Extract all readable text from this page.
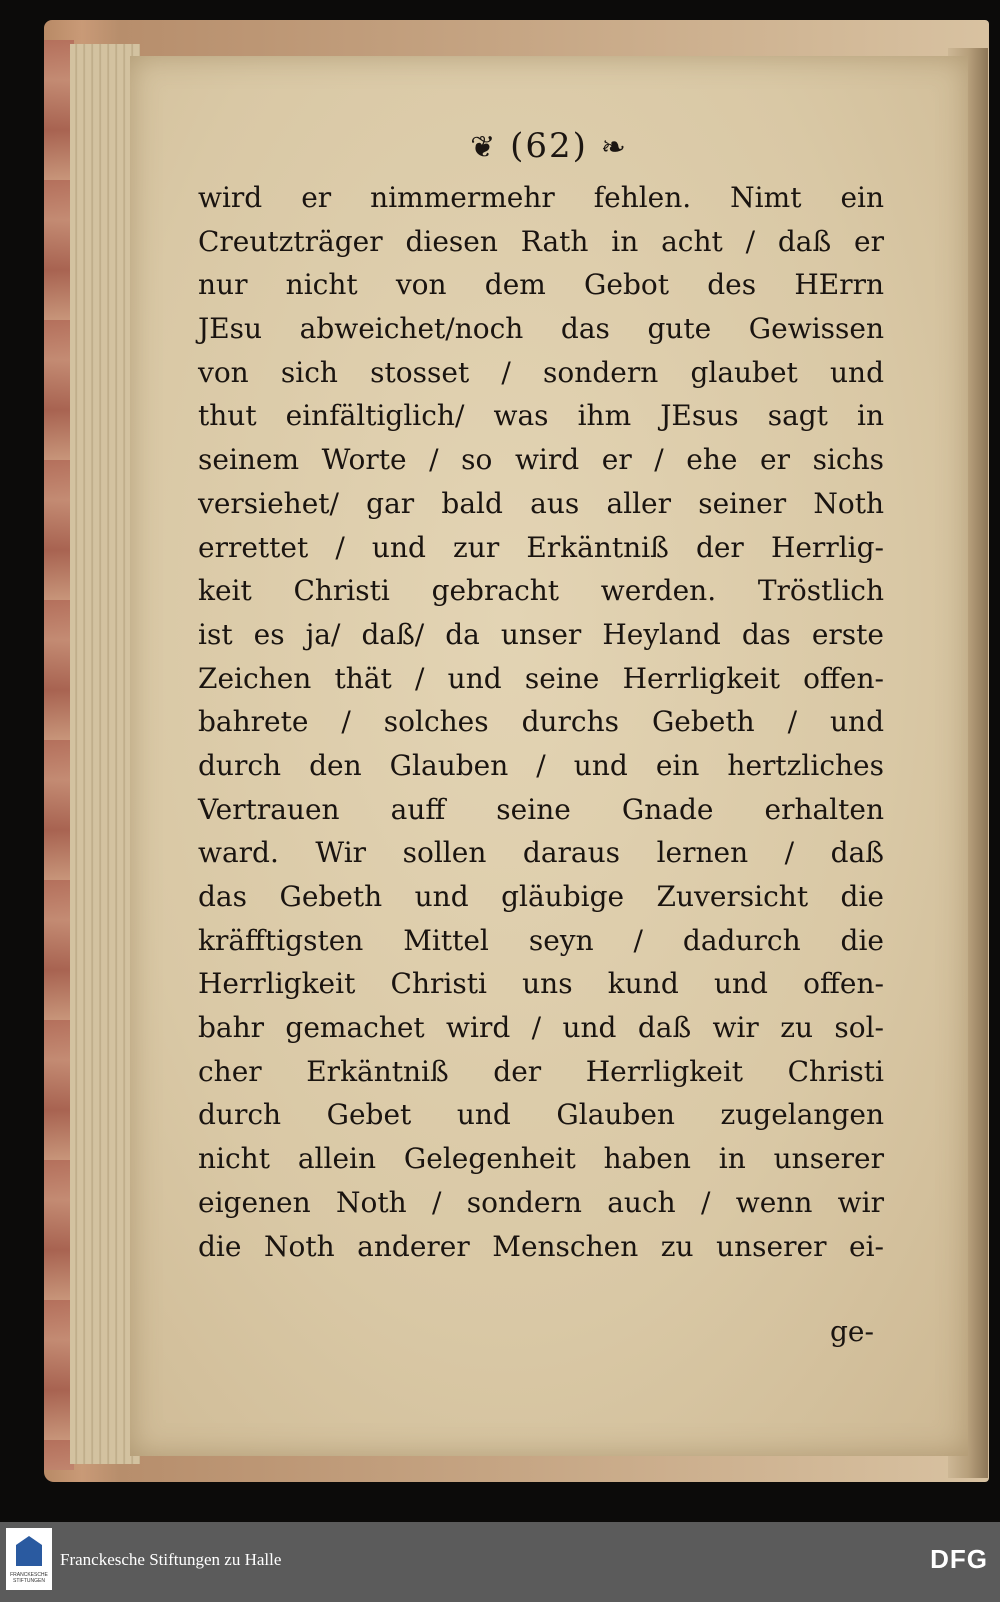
❦ (62) ❧
wird er nimmermehr fehlen. Nimt ein
Creutzträger diesen Rath in acht / daß er
nur nicht von dem Gebot des HErrn
JEsu abweichet/noch das gute Gewissen
von sich stosset / sondern glaubet und
thut einfältiglich/ was ihm JEsus sagt in
seinem Worte / so wird er / ehe er sichs
versiehet/ gar bald aus aller seiner Noth
errettet / und zur Erkäntniß der Herrlig-
keit Christi gebracht werden. Tröstlich
ist es ja/ daß/ da unser Heyland das erste
Zeichen thät / und seine Herrligkeit offen-
bahrete / solches durchs Gebeth / und
durch den Glauben / und ein hertzliches
Vertrauen auff seine Gnade erhalten
ward. Wir sollen daraus lernen / daß
das Gebeth und gläubige Zuversicht die
kräfftigsten Mittel seyn / dadurch die
Herrligkeit Christi uns kund und offen-
bahr gemachet wird / und daß wir zu sol-
cher Erkäntniß der Herrligkeit Christi
durch Gebet und Glauben zugelangen
nicht allein Gelegenheit haben in unserer
eigenen Noth / sondern auch / wenn wir
die Noth anderer Menschen zu unserer ei-
ge-
FRANCKESCHE STIFTUNGEN
Franckesche Stiftungen zu Halle	DFG
